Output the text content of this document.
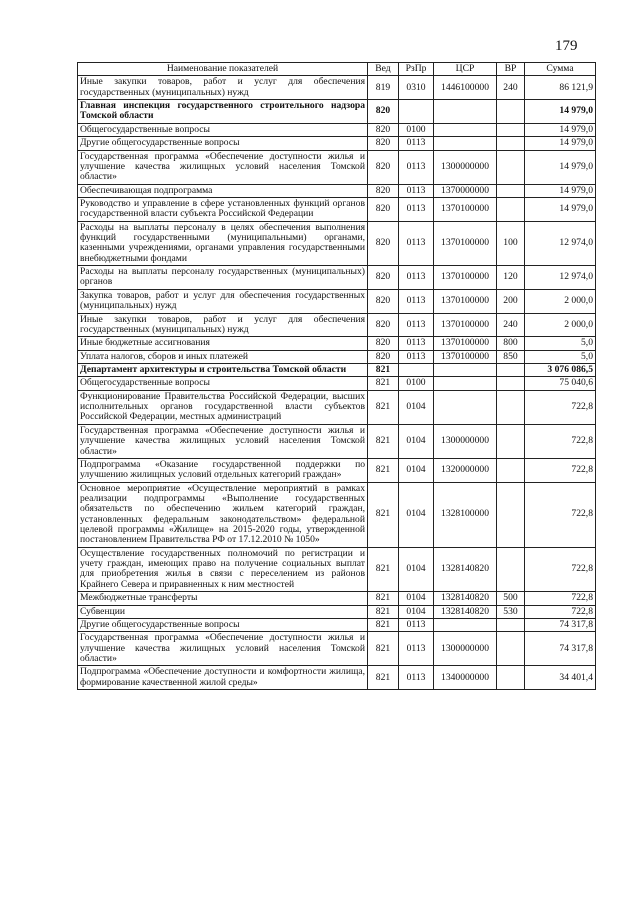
179
Наименование показателей	Вед	РзПр	ЦСР	ВР	Сумма
Иные закупки товаров, работ и услуг для обеспечения государственных (муниципальных) нужд	819	0310	1446100000	240	86 121,9
Главная инспекция государственного строительного надзора Томской области	820				14 979,0
Общегосударственные вопросы	820	0100			14 979,0
Другие общегосударственные вопросы	820	0113			14 979,0
Государственная программа «Обеспечение доступности жилья и улучшение качества жилищных условий населения Томской области»	820	0113	1300000000		14 979,0
Обеспечивающая подпрограмма	820	0113	1370000000		14 979,0
Руководство и управление в сфере установленных функций органов государственной власти субъекта Российской Федерации	820	0113	1370100000		14 979,0
Расходы на выплаты персоналу в целях обеспечения выполнения функций государственными (муниципальными) органами, казенными учреждениями, органами управления государственными внебюджетными фондами	820	0113	1370100000	100	12 974,0
Расходы на выплаты персоналу государственных (муниципальных) органов	820	0113	1370100000	120	12 974,0
Закупка товаров, работ и услуг для обеспечения государственных (муниципальных) нужд	820	0113	1370100000	200	2 000,0
Иные закупки товаров, работ и услуг для обеспечения государственных (муниципальных) нужд	820	0113	1370100000	240	2 000,0
Иные бюджетные ассигнования	820	0113	1370100000	800	5,0
Уплата налогов, сборов и иных платежей	820	0113	1370100000	850	5,0
Департамент архитектуры и строительства Томской области	821				3 076 086,5
Общегосударственные вопросы	821	0100			75 040,6
Функционирование Правительства Российской Федерации, высших исполнительных органов государственной власти субъектов Российской Федерации, местных администраций	821	0104			722,8
Государственная программа «Обеспечение доступности жилья и улучшение качества жилищных условий населения Томской области»	821	0104	1300000000		722,8
Подпрограмма «Оказание государственной поддержки по улучшению жилищных условий отдельных категорий граждан»	821	0104	1320000000		722,8
Основное мероприятие «Осуществление мероприятий в рамках реализации подпрограммы «Выполнение государственных обязательств по обеспечению жильем категорий граждан, установленных федеральным законодательством» федеральной целевой программы «Жилище» на 2015-2020 годы, утвержденной постановлением Правительства РФ от 17.12.2010 № 1050»	821	0104	1328100000		722,8
Осуществление государственных полномочий по регистрации и учету граждан, имеющих право на получение социальных выплат для приобретения жилья в связи с переселением из районов Крайнего Севера и приравненных к ним местностей	821	0104	1328140820		722,8
Межбюджетные трансферты	821	0104	1328140820	500	722,8
Субвенции	821	0104	1328140820	530	722,8
Другие общегосударственные вопросы	821	0113			74 317,8
Государственная программа «Обеспечение доступности жилья и улучшение качества жилищных условий населения Томской области»	821	0113	1300000000		74 317,8
Подпрограмма «Обеспечение доступности и комфортности жилища, формирование качественной жилой среды»	821	0113	1340000000		34 401,4
